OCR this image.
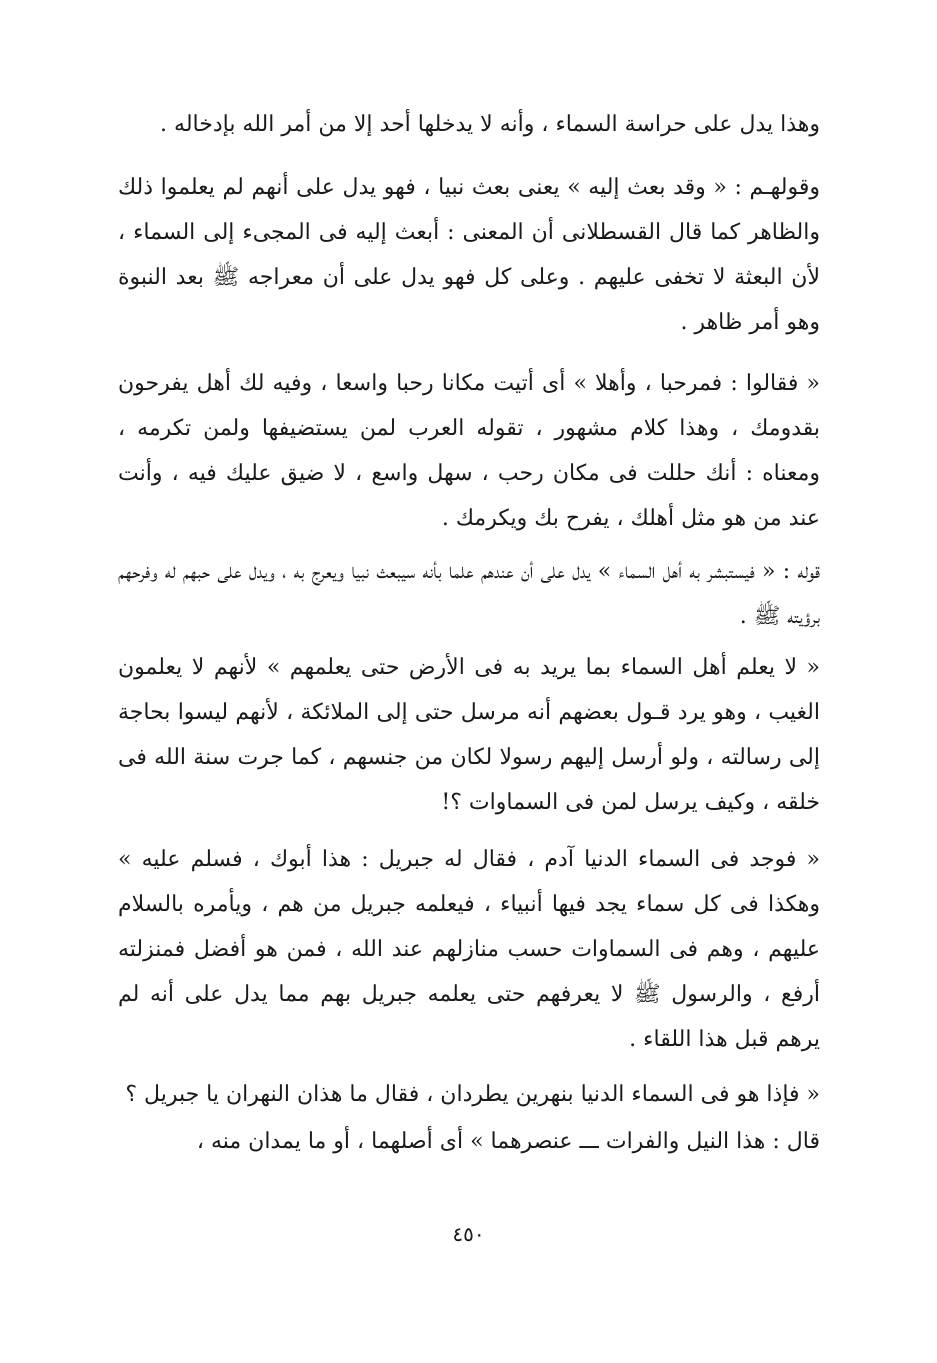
وهذا يدل على حراسة السماء ، وأنه لا يدخلها أحد إلا من أمر الله بإدخاله .

وقولهـم : « وقد بعث إليه » يعنى بعث نبيا ، فهو يدل على أنهم لم يعلموا ذلك والظاهر كما قال القسطلانى أن المعنى : أبعث إليه فى المجىء إلى السماء ، لأن البعثة لا تخفى عليهم . وعلى كل فهو يدل على أن معراجه ﷺ بعد النبوة وهو أمر ظاهر .

« فقالوا : فمرحبا ، وأهلا » أى أتيت مكانا رحبا واسعا ، وفيه لك أهل يفرحون بقدومك ، وهذا كلام مشهور ، تقوله العرب لمن يستضيفها ولمن تكرمه ، ومعناه : أنك حللت فى مكان رحب ، سهل واسع ، لا ضيق عليك فيه ، وأنت عند من هو مثل أهلك ، يفرح بك ويكرمك .

قوله : « فيستبشر به أهل السماء » يدل على أن عندهم علما بأنه سيبعث نبيا ويعرج به ، ويدل على حبهم له وفرحهم برؤيته ﷺ .

« لا يعلم أهل السماء بما يريد به فى الأرض حتى يعلمهم » لأنهم لا يعلمون الغيب ، وهو يرد قـول بعضهم أنه مرسل حتى إلى الملائكة ، لأنهم ليسوا بحاجة إلى رسالته ، ولو أرسل إليهم رسولا لكان من جنسهم ، كما جرت سنة الله فى خلقه ، وكيف يرسل لمن فى السماوات ؟!

« فوجد فى السماء الدنيا آدم ، فقال له جبريل : هذا أبوك ، فسلم عليه » وهكذا فى كل سماء يجد فيها أنبياء ، فيعلمه جبريل من هم ، ويأمره بالسلام عليهم ، وهم فى السماوات حسب منازلهم عند الله ، فمن هو أفضل فمنزلته أرفع ، والرسول ﷺ لا يعرفهم حتى يعلمه جبريل بهم مما يدل على أنه لم يرهم قبل هذا اللقاء .

« فإذا هو فى السماء الدنيا بنهرين يطردان ، فقال ما هذان النهران يا جبريل ؟

قال : هذا النيل والفرات ـــ عنصرهما » أى أصلهما ، أو ما يمدان منه ،

٤٥٠
